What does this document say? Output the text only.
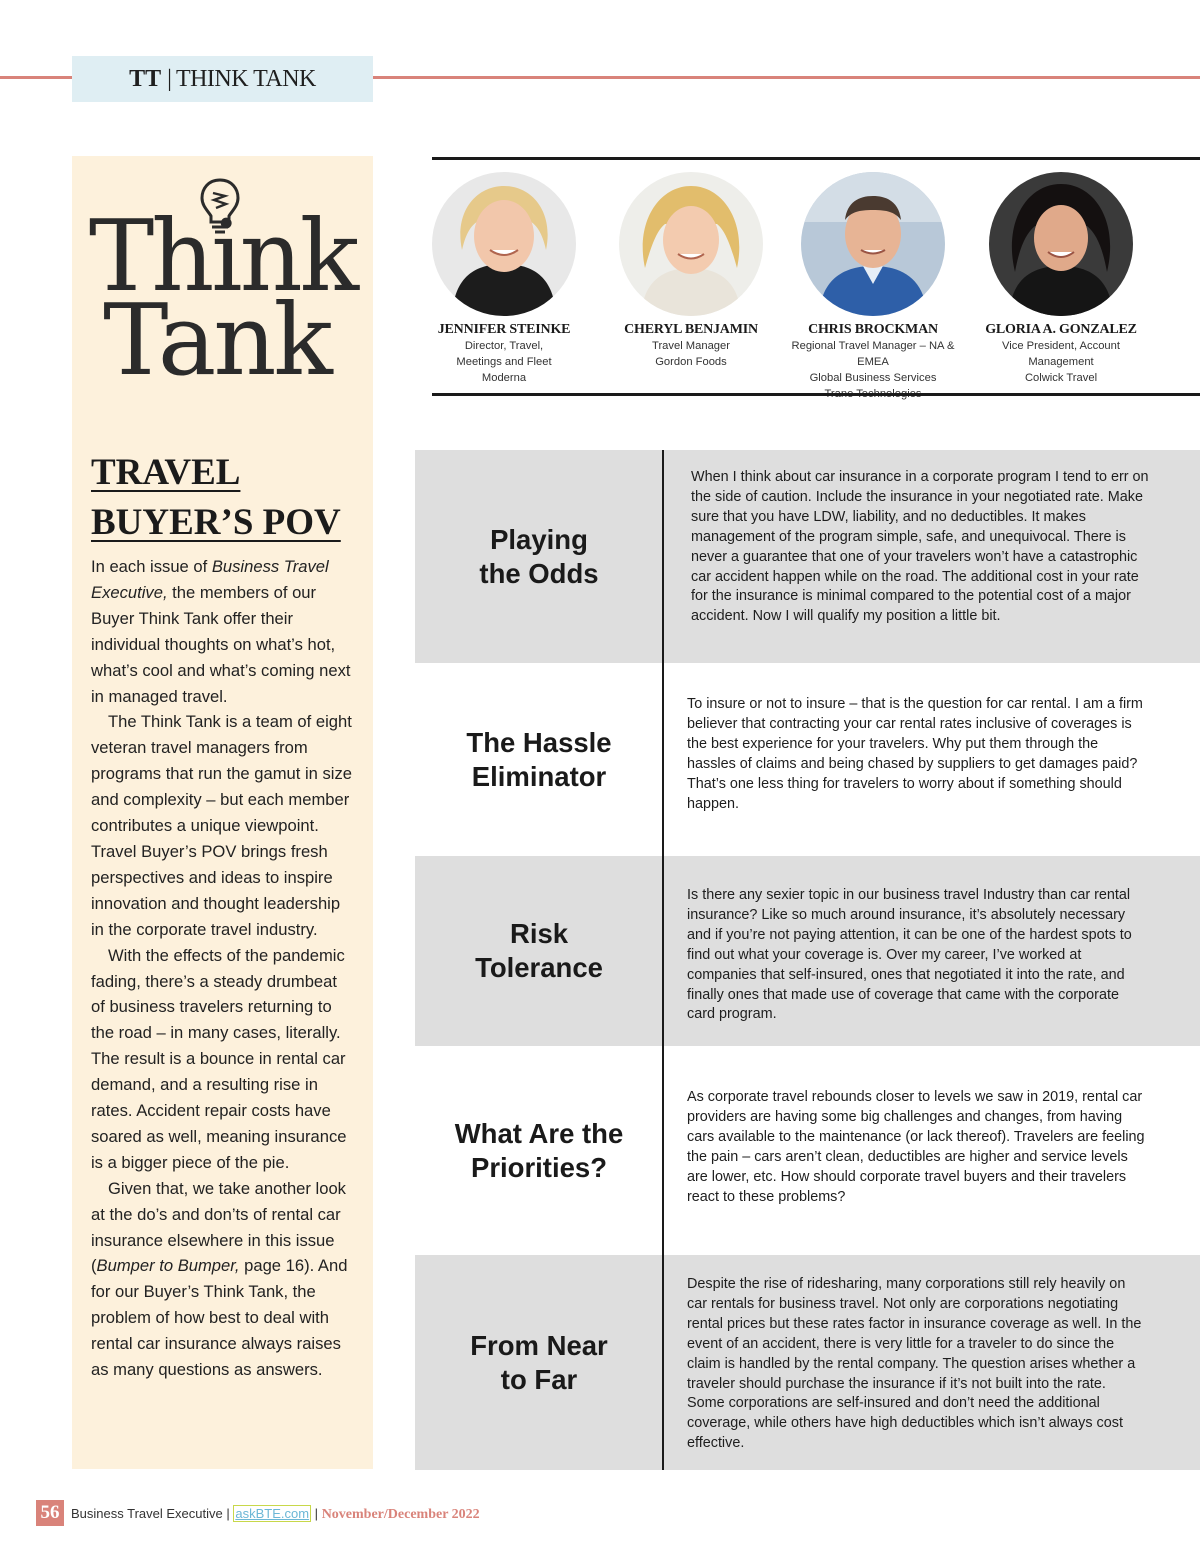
TT | THINK TANK
Think
Tank
TRAVEL
BUYER’S POV

In each issue of Business Travel Executive, the members of our Buyer Think Tank offer their individual thoughts on what’s hot, what’s cool and what’s coming next in managed travel.

The Think Tank is a team of eight veteran travel managers from programs that run the gamut in size and complexity – but each member contributes a unique viewpoint. Travel Buyer’s POV brings fresh perspectives and ideas to inspire innovation and thought leadership in the corporate travel industry.

With the effects of the pandemic fading, there’s a steady drumbeat of business travelers returning to the road – in many cases, literally. The result is a bounce in rental car demand, and a resulting rise in rates. Accident repair costs have soared as well, meaning insurance is a bigger piece of the pie.

Given that, we take another look at the do’s and don’ts of rental car insurance elsewhere in this issue (Bumper to Bumper, page 16). And for our Buyer’s Think Tank, the problem of how best to deal with rental car insurance always raises as many questions as answers.

JENNIFER STEINKE
Director, Travel,
Meetings and Fleet
Moderna
CHERYL BENJAMIN
Travel Manager
Gordon Foods
CHRIS BROCKMAN
Regional Travel Manager – NA & EMEA
Global Business Services
GLORIA A. GONZALEZ
Vice President, Account
Management
Colwick Travel
Playing
the Odds
When I think about car insurance in a corporate program I tend to err on the side of caution. Include the insurance in your negotiated rate. Make sure that you have LDW, liability, and no deductibles. It makes management of the program simple, safe, and unequivocal. There is never a guarantee that one of your travelers won’t have a catastrophic car accident happen while on the road. The additional cost in your rate for the insurance is minimal compared to the potential cost of a major accident. Now I will qualify my position a little bit.
The Hassle
Eliminator
To insure or not to insure – that is the question for car rental. I am a firm believer that contracting your car rental rates inclusive of coverages is the best experience for your travelers. Why put them through the hassles of claims and being chased by suppliers to get damages paid? That’s one less thing for travelers to worry about if something should happen.
Risk
Tolerance
Is there any sexier topic in our business travel Industry than car rental insurance? Like so much around insurance, it’s absolutely necessary and if you’re not paying attention, it can be one of the hardest spots to find out what your coverage is. Over my career, I’ve worked at companies that self-insured, ones that negotiated it into the rate, and finally ones that made use of coverage that came with the corporate card program.
What Are the
Priorities?
As corporate travel rebounds closer to levels we saw in 2019, rental car providers are having some big challenges and changes, from having cars available to the maintenance (or lack thereof). Travelers are feeling the pain – cars aren’t clean, deductibles are higher and service levels are lower, etc. How should corporate travel buyers and their travelers react to these problems?
From Near
to Far
Despite the rise of ridesharing, many corporations still rely heavily on car rentals for business travel. Not only are corporations negotiating rental prices but these rates factor in insurance coverage as well. In the event of an accident, there is very little for a traveler to do since the claim is handled by the rental company. The question arises whether a traveler should purchase the insurance if it’s not built into the rate. Some corporations are self-insured and don’t need the additional coverage, while others have high deductibles which isn’t always cost effective.
56 Business Travel Executive | askBTE.com | November/December 2022
